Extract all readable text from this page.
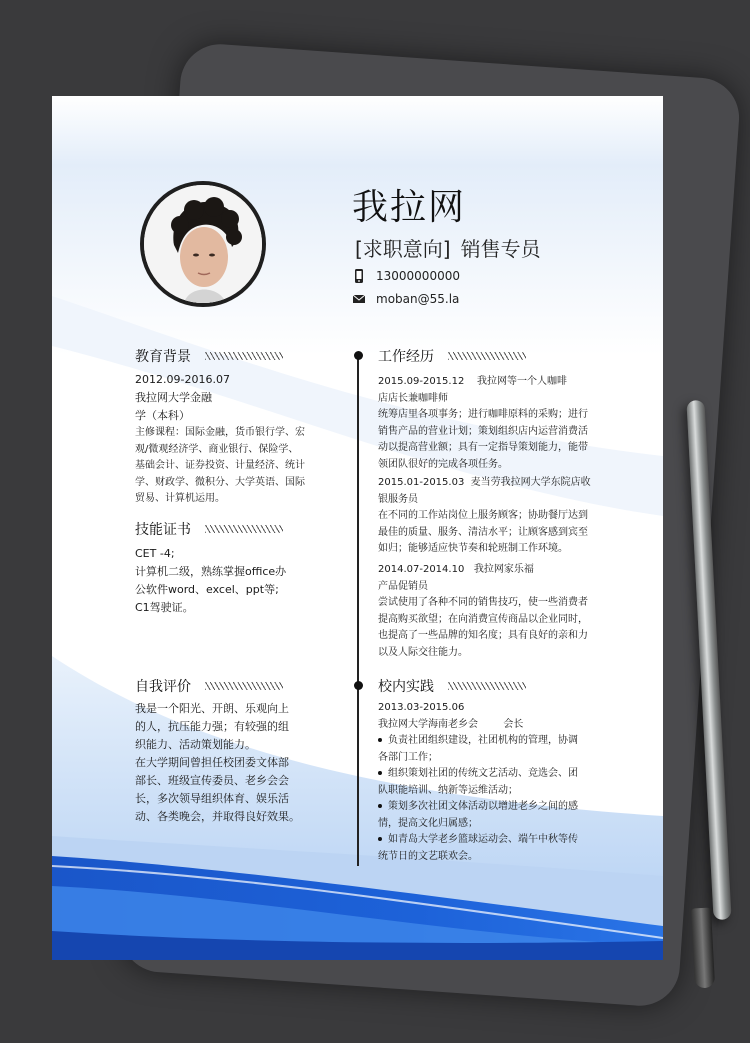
我拉网
[求职意向] 销售专员
13000000000
moban@55.la
教育背景
2012.09-2016.07
我拉网大学金融
学（本科）
主修课程：国际金融，货币银行学、宏
观/微观经济学、商业银行、保险学、
基础会计、证券投资、计量经济、统计
学、财政学、微积分、大学英语、国际
贸易、计算机运用。
技能证书
CET -4;
计算机二级，熟练掌握office办
公软件word、excel、ppt等;
C1驾驶证。
自我评价
我是一个阳光、开朗、乐观向上
的人，抗压能力强；有较强的组
织能力、活动策划能力。
在大学期间曾担任校团委文体部
部长、班级宣传委员、老乡会会
长，多次领导组织体育、娱乐活
动、各类晚会，并取得良好效果。
工作经历
2015.09-2015.12    我拉网等一个人咖啡
店店长兼咖啡师
统筹店里各项事务；进行咖啡原料的采购；进行
销售产品的营业计划；策划组织店内运营消费活
动以提高营业额；具有一定指导策划能力，能带
领团队很好的完成各项任务。
2015.01-2015.03  麦当劳我拉网大学东院店收
银服务员
在不同的工作站岗位上服务顾客；协助餐厅达到
最佳的质量、服务、清洁水平；让顾客感到宾至
如归；能够适应快节奏和轮班制工作环境。
2014.07-2014.10   我拉网家乐福
产品促销员
尝试使用了各种不同的销售技巧，使一些消费者
提高购买欲望；在向消费宣传商品以企业同时，
也提高了一些品牌的知名度；具有良好的亲和力
以及人际交往能力。
校内实践
2013.03-2015.06
我拉网大学海南老乡会        会长
负责社团组织建设，社团机构的管理，协调
各部门工作；
组织策划社团的传统文艺活动、竞选会、团
队职能培训、纳新等运维活动；
策划多次社团文体活动以增进老乡之间的感
情，提高文化归属感；
如青岛大学老乡篮球运动会、端午中秋等传
统节日的文艺联欢会。
